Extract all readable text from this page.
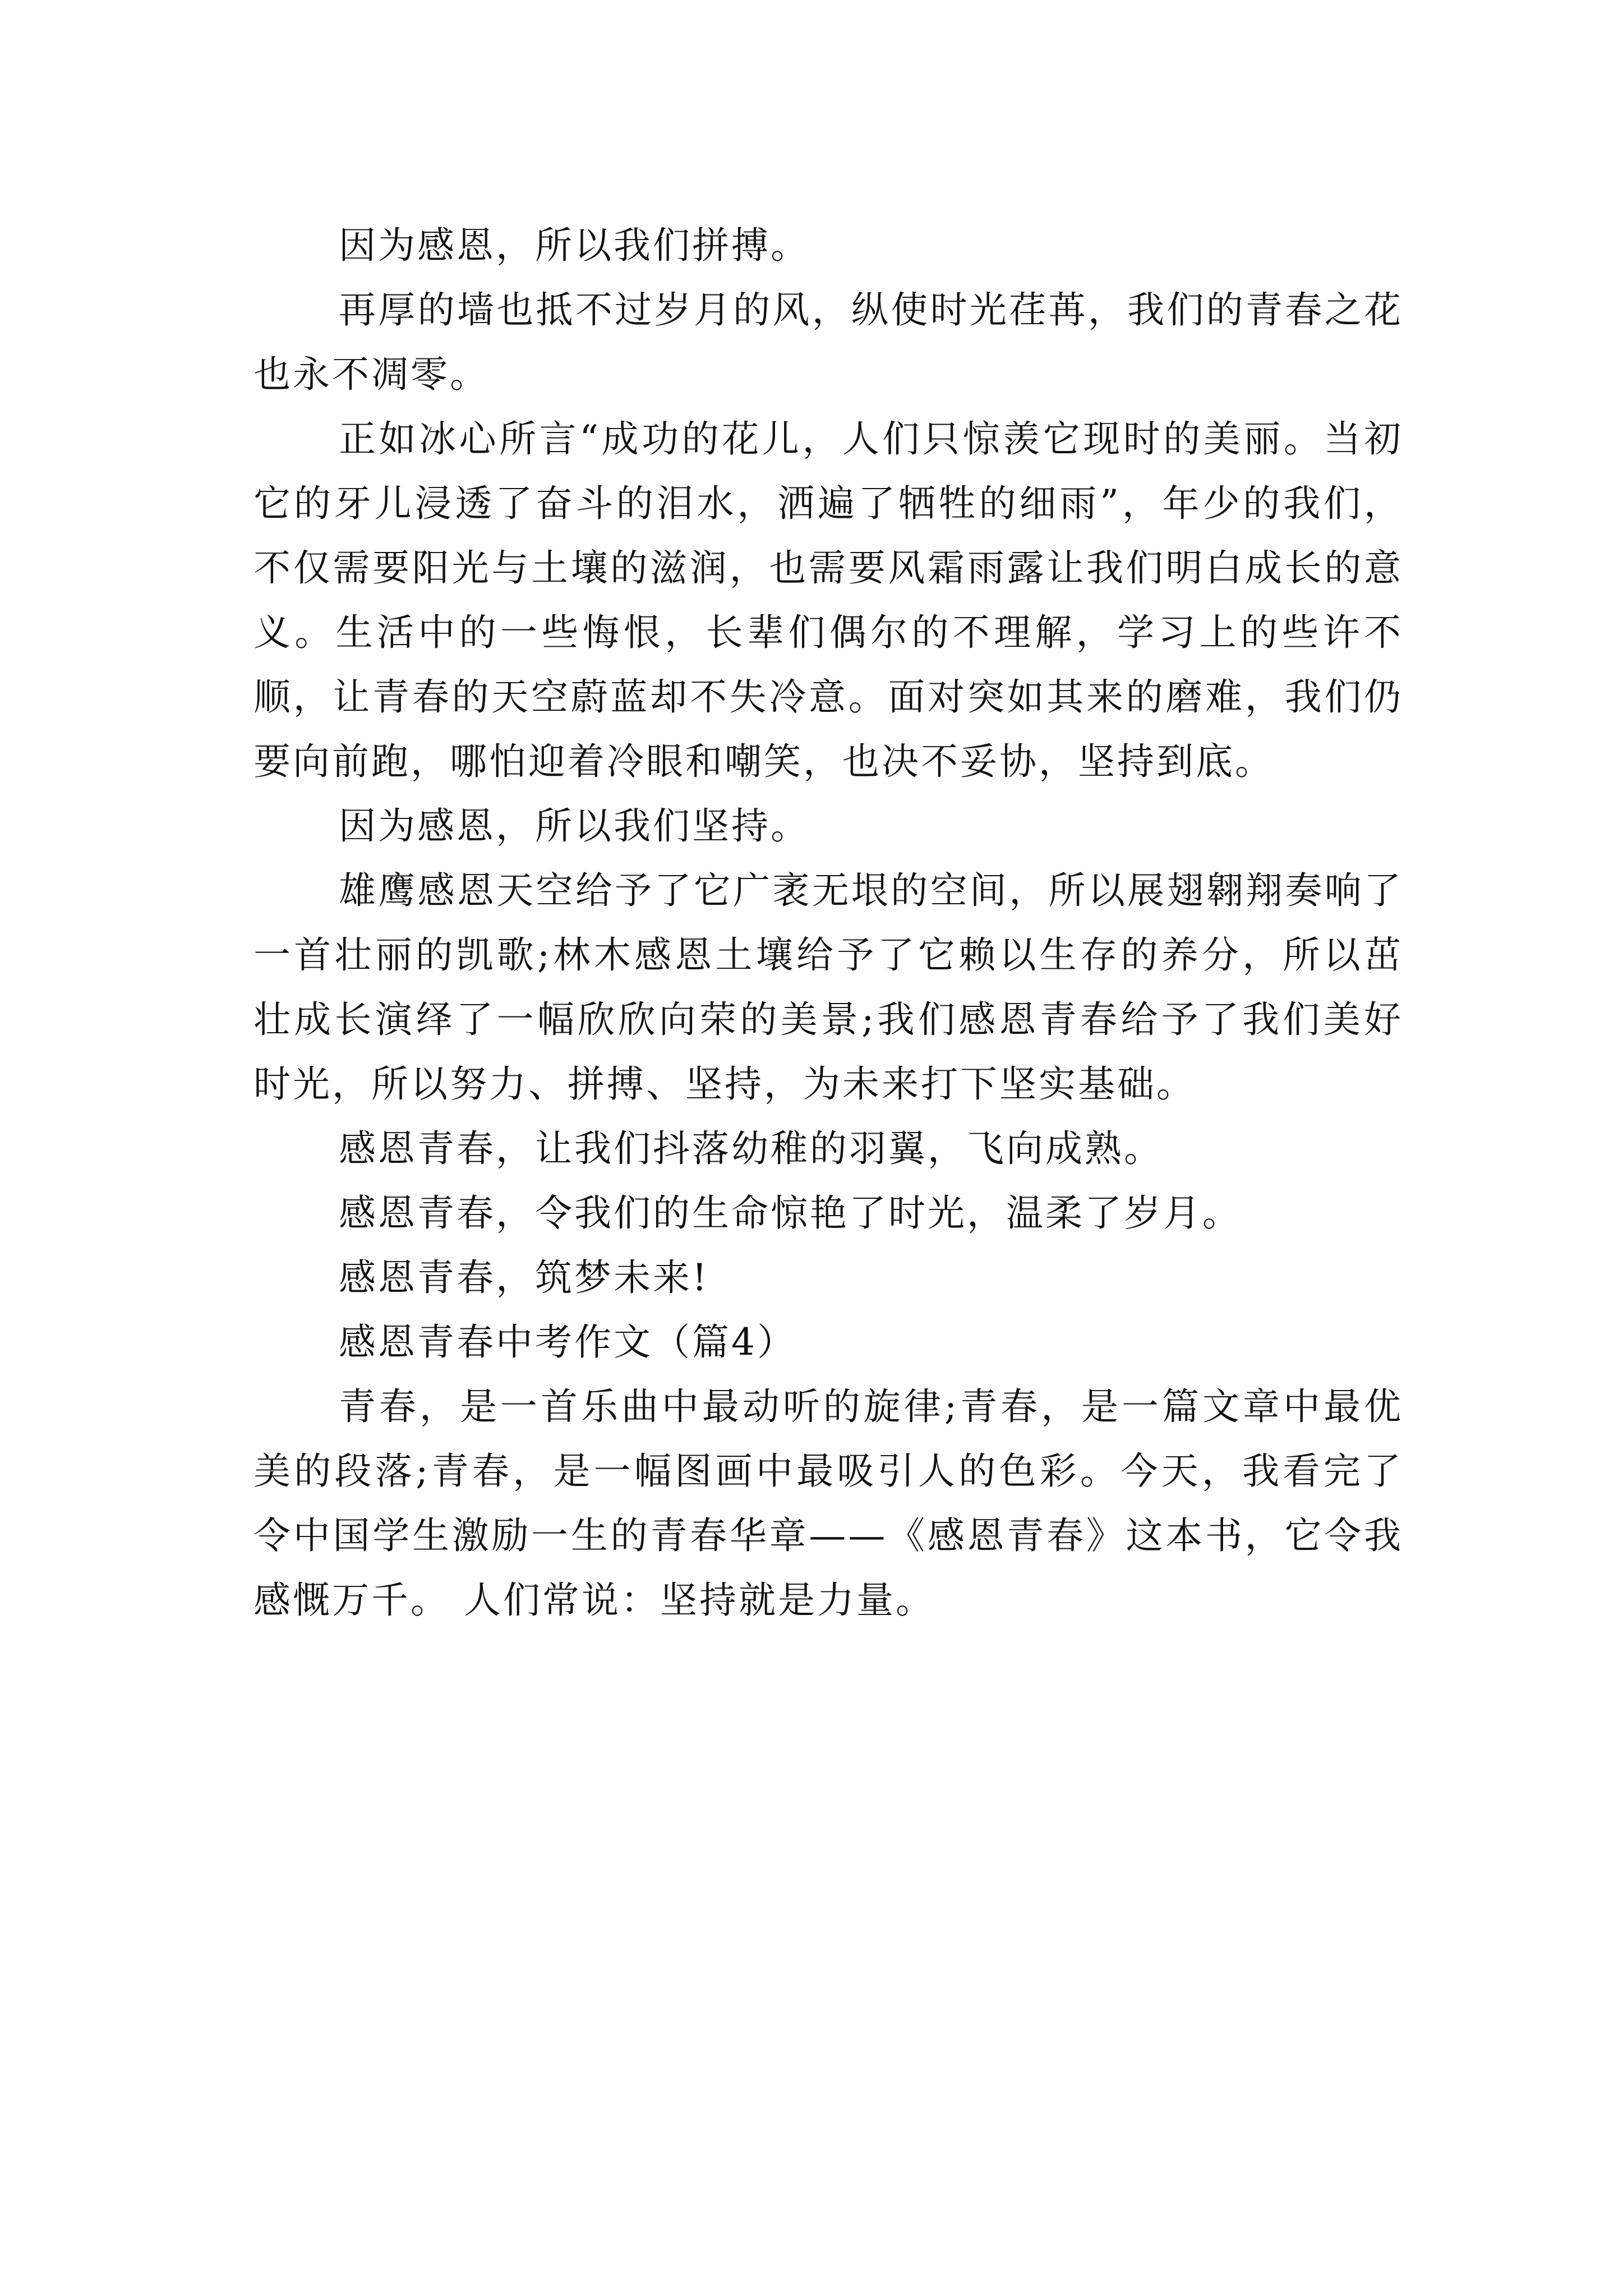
因为感恩，所以我们拼搏。

再厚的墙也抵不过岁月的风，纵使时光荏苒，我们的青春之花也永不凋零。

正如冰心所言“成功的花儿，人们只惊羡它现时的美丽。当初它的牙儿浸透了奋斗的泪水，洒遍了牺牲的细雨”，年少的我们，不仅需要阳光与土壤的滋润，也需要风霜雨露让我们明白成长的意义。生活中的一些悔恨，长辈们偶尔的不理解，学习上的些许不顺，让青春的天空蔚蓝却不失冷意。面对突如其来的磨难，我们仍要向前跑，哪怕迎着冷眼和嘲笑，也决不妥协，坚持到底。

因为感恩，所以我们坚持。

雄鹰感恩天空给予了它广袤无垠的空间，所以展翅翱翔奏响了一首壮丽的凯歌;林木感恩土壤给予了它赖以生存的养分，所以茁壮成长演绎了一幅欣欣向荣的美景;我们感恩青春给予了我们美好时光，所以努力、拼搏、坚持，为未来打下坚实基础。

感恩青春，让我们抖落幼稚的羽翼，飞向成熟。

感恩青春，令我们的生命惊艳了时光，温柔了岁月。

感恩青春，筑梦未来!

感恩青春中考作文（篇4）

青春，是一首乐曲中最动听的旋律;青春，是一篇文章中最优美的段落;青春，是一幅图画中最吸引人的色彩。今天，我看完了令中国学生激励一生的青春华章——《感恩青春》这本书，它令我感慨万千。 人们常说：坚持就是力量。
